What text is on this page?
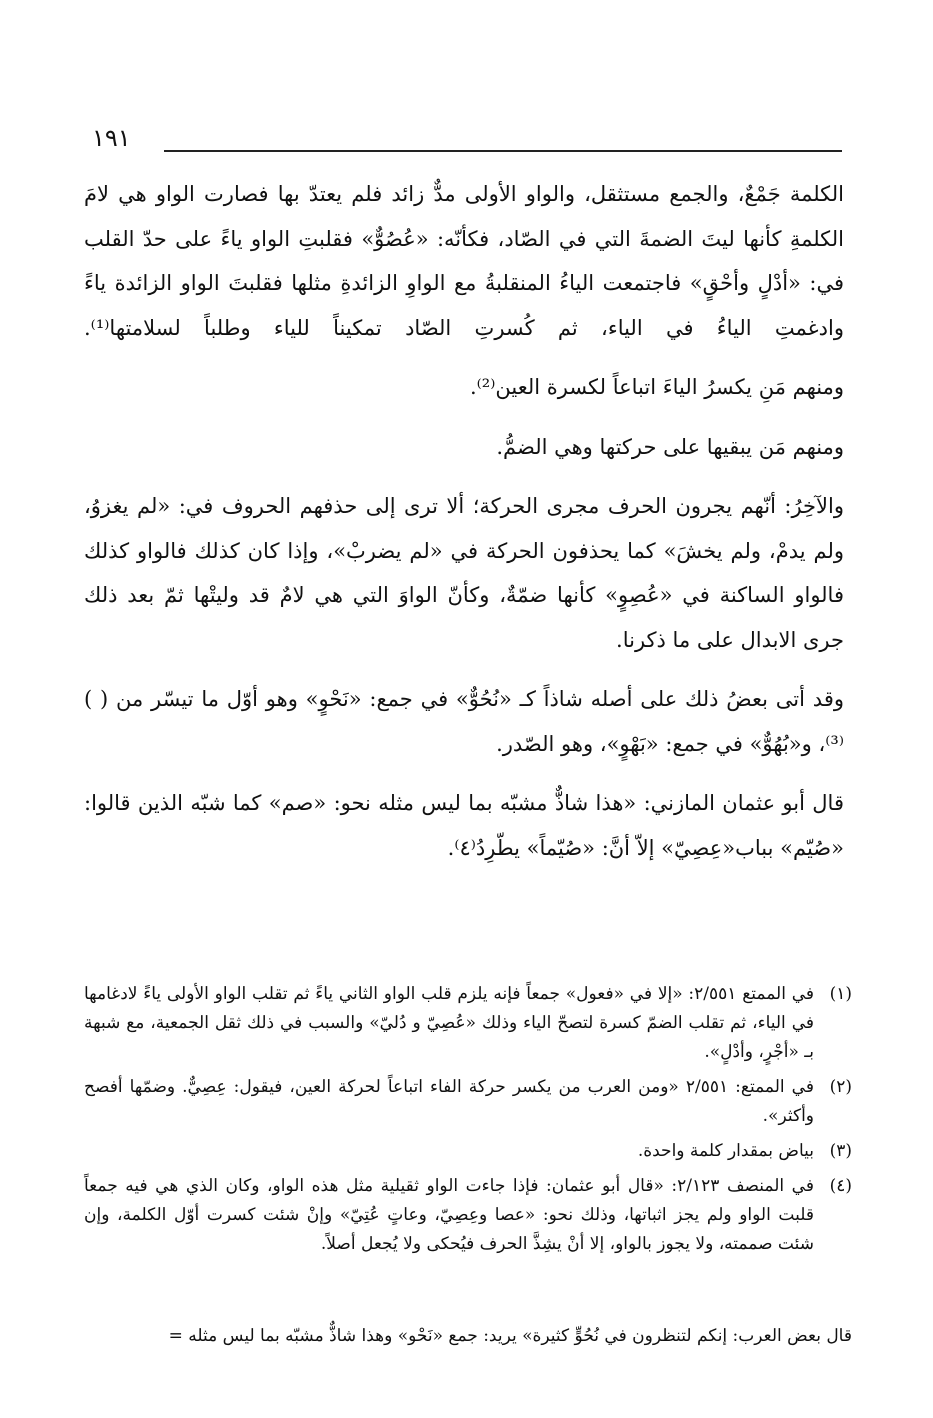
١٩١

الكلمة جَمْعٌ، والجمع مستثقل، والواو الأولى مدٌّ زائد فلم يعتدّ بها فصارت الواو هي لامَ الكلمةِ كأنها ليتَ الضمةَ التي في الصّاد، فكأنّه: «عُصُوٌّ» فقلبتِ الواو ياءً على حدّ القلب في: «أدْلٍ وأحْقٍ» فاجتمعت الياءُ المنقلبةُ مع الواوِ الزائدةِ مثلها فقلبتَ الواو الزائدة ياءً وادغمتِ الياءُ في الياء، ثم كُسرتِ الصّاد تمكيناً للياء وطلباً لسلامتها⁽¹⁾.

ومنهم مَنِ يكسرُ الياءَ اتباعاً لكسرة العين⁽²⁾.

ومنهم مَن يبقيها على حركتها وهي الضمُّ.

والآخِرُ: أنّهم يجرون الحرف مجرى الحركة؛ ألا ترى إلى حذفهم الحروف في: «لم يغزوُ، ولم يدمْ، ولم يخشَ» كما يحذفون الحركة في «لم يضربْ»، وإذا كان كذلك فالواو كذلك فالواو الساكنة في «عُصِوٍ» كأنها ضمّةٌ، وكأنّ الواوَ التي هي لامٌ قد وليتْها ثمّ بعد ذلك جرى الابدال على ما ذكرنا.

وقد أتى بعضُ ذلك على أصله شاذاً كـ «نُحُوٌّ» في جمع: «نَحْوٍ» وهو أوّل ما تيسّر من ( )⁽³⁾، و«بُهُوٌّ» في جمع: «بَهْوٍ»، وهو الصّدر.

قال أبو عثمان المازني: «هذا شاذٌّ مشبّه بما ليس مثله نحو: «صم» كما شبّه الذين قالوا: «صُيّم» بباب«عِصِيّ» إلاّ أنَّ: «صُيّماً» يطّرِدُ⁽٤⁾.

(١)
في الممتع ٢/٥٥١: «إلا في «فعول» جمعاً فإنه يلزم قلب الواو الثاني ياءً ثم تقلب الواو الأولى ياءً لادغامها في الياء، ثم تقلب الضمّ كسرة لتصحّ الياء وذلك «عُصِيّ و دُليّ» والسبب في ذلك ثقل الجمعية، مع شبهة بـ «أجْرٍ، وأدْلٍ».
(٢)
في الممتع: ٢/٥٥١ «ومن العرب من يكسر حركة الفاء اتباعاً لحركة العين، فيقول: عِصِيٌّ. وضمّها أفصح وأكثر».
(٣)
بياض بمقدار كلمة واحدة.
(٤)
في المنصف ٢/١٢٣: «قال أبو عثمان: فإذا جاءت الواو ثقيلية مثل هذه الواو، وكان الذي هي فيه جمعاً قلبت الواو ولم يجز اثباتها، وذلك نحو: «عصا وعِصِيّ، وعاتٍ عُتِيّ» وإنْ شئت كسرت أوّل الكلمة، وإن شئت صممته، ولا يجوز بالواو، إلا أنْ يشِذَّ الحرف فيُحكى ولا يُجعل أصلاً.
قال بعض العرب: إنكم لتنظرون في نُحُوٍّ كثيرة» يريد: جمع «نَحْو» وهذا شاذٌّ مشبّه بما ليس مثله =
